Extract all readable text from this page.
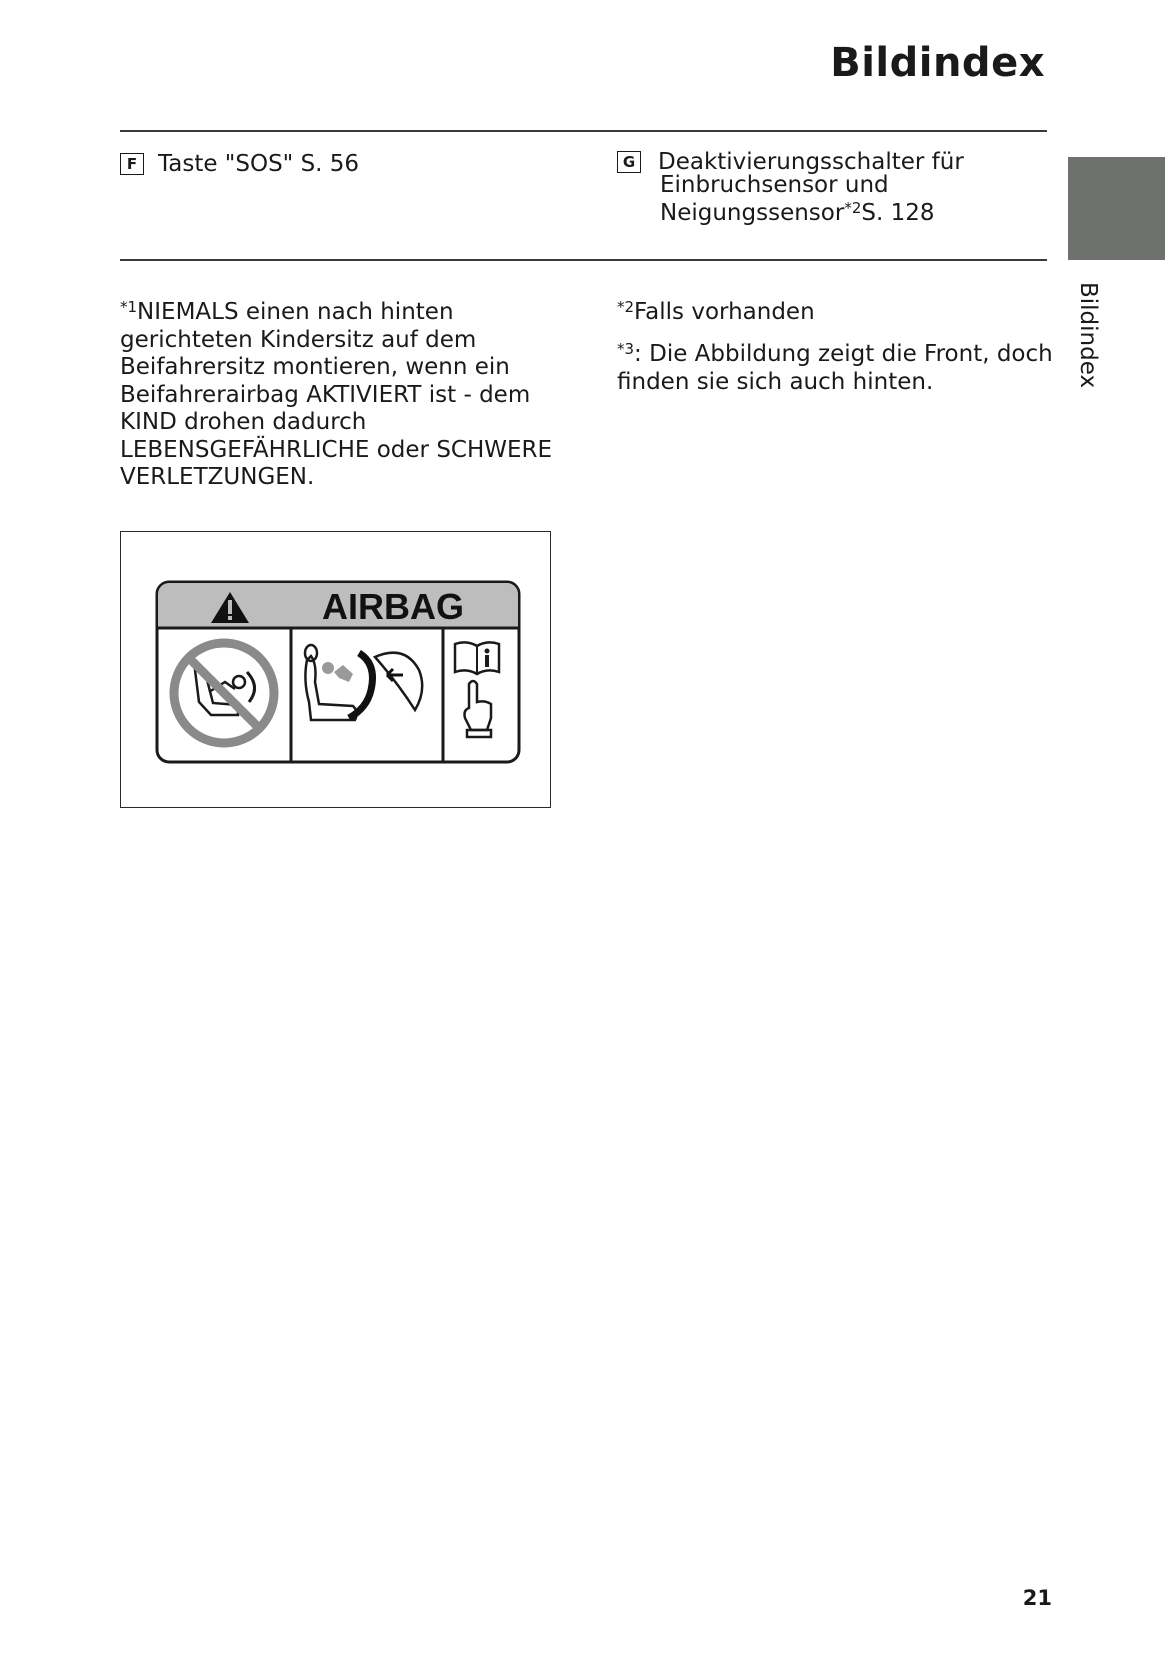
Bildindex
Bildindex
F Taste "SOS" S. 56	G Deaktivierungsschalter für
Einbruchsensor und
Neigungssensor$^{*2}$S. 128
$^{*1}$NIEMALS einen nach hinten
gerichteten Kindersitz auf dem
Beifahrersitz montieren, wenn ein
Beifahrerairbag AKTIVIERT ist - dem
KIND drohen dadurch
LEBENSGEFÄHRLICHE oder SCHWERE
VERLETZUNGEN.
$^{*2}$Falls vorhanden
$^{*3}$: Die Abbildung zeigt die Front, doch
finden sie sich auch hinten.
AIRBAG
21
